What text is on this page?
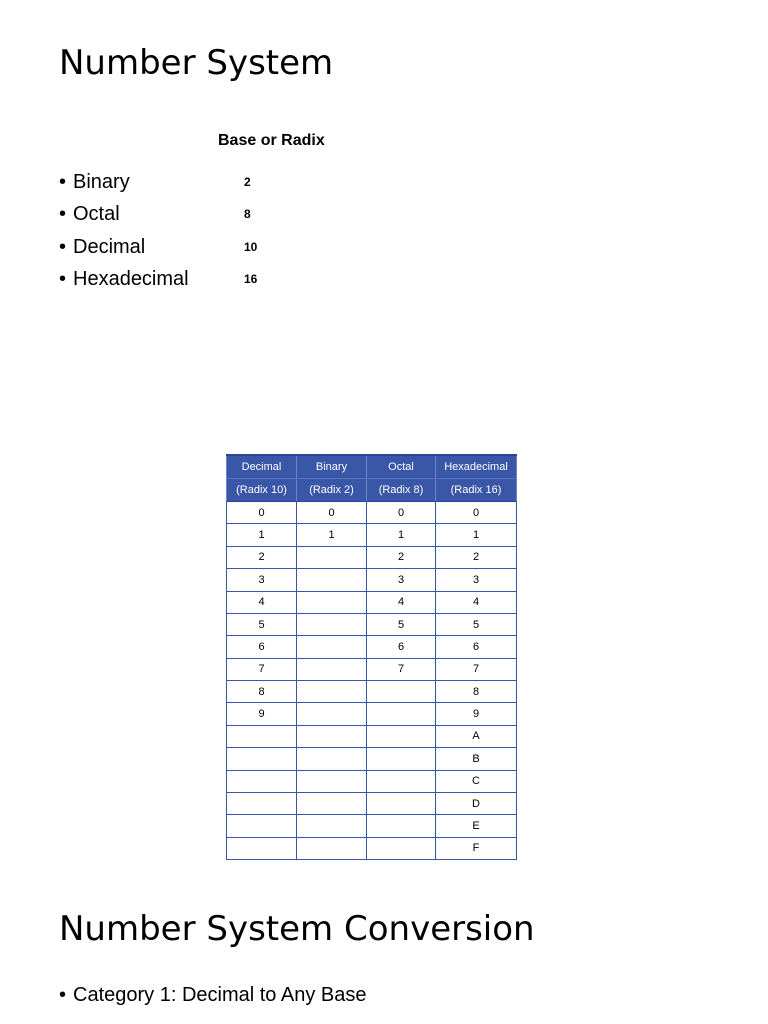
Number System
Base or Radix
• Binary	2
• Octal	8
• Decimal	10
• Hexadecimal	16
Decimal	Binary	Octal	Hexadecimal
(Radix 10)	(Radix 2)	(Radix 8)	(Radix 16)
0	0	0	0
1	1	1	1
2		2	2
3		3	3
4		4	4
5		5	5
6		6	6
7		7	7
8			8
9			9
			A
			B
			C
			D
			E
			F
Number System Conversion
• Category 1: Decimal to Any Base
